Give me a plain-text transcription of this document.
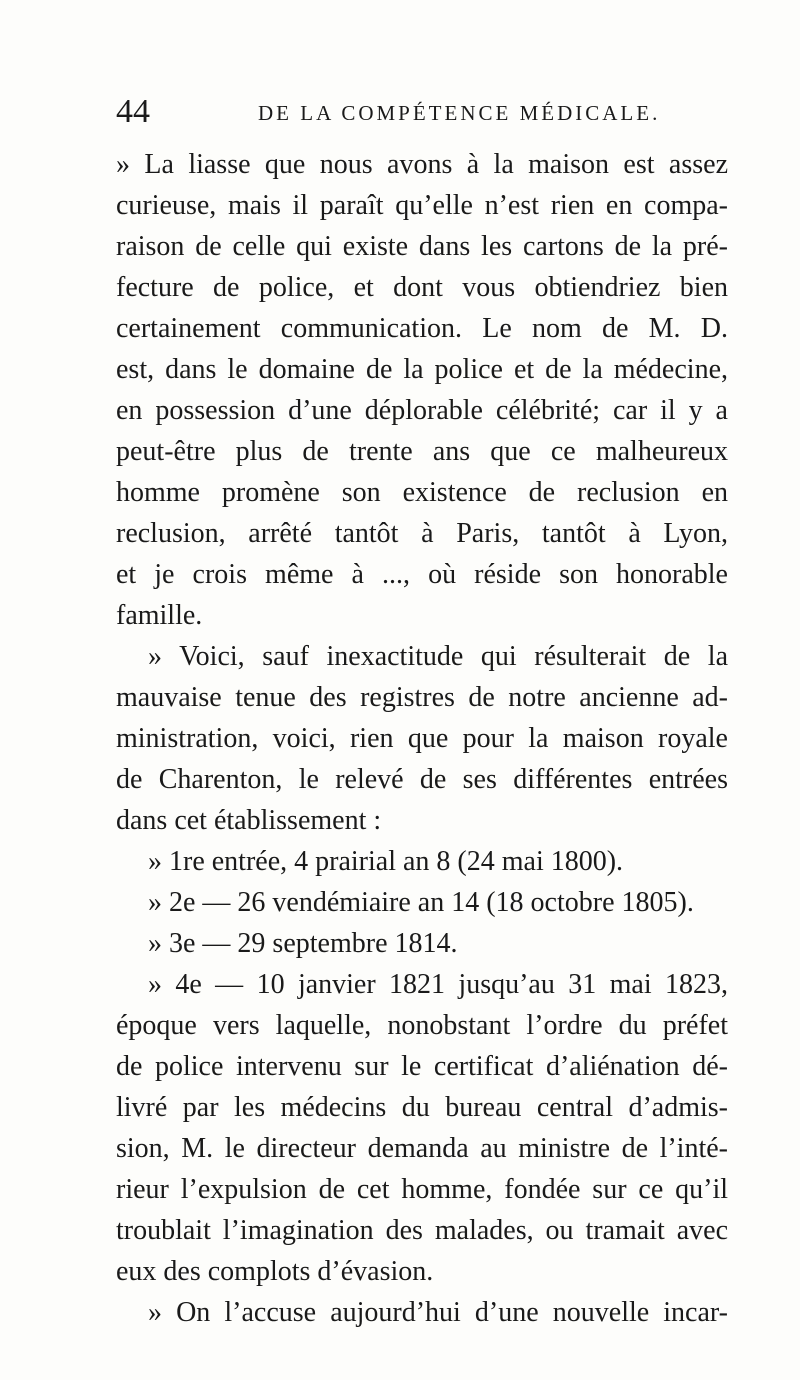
44	DE LA COMPÉTENCE MÉDICALE.
» La liasse que nous avons à la maison est assez
curieuse, mais il paraît qu’elle n’est rien en compa-
raison de celle qui existe dans les cartons de la pré-
fecture de police, et dont vous obtiendriez bien
certainement communication. Le nom de M. D.
est, dans le domaine de la police et de la médecine,
en possession d’une déplorable célébrité; car il y a
peut-être plus de trente ans que ce malheureux
homme promène son existence de reclusion en
reclusion, arrêté tantôt à Paris, tantôt à Lyon,
et je crois même à ..., où réside son honorable
famille.
» Voici, sauf inexactitude qui résulterait de la
mauvaise tenue des registres de notre ancienne ad-
ministration, voici, rien que pour la maison royale
de Charenton, le relevé de ses différentes entrées
dans cet établissement :
» 1re entrée, 4 prairial an 8 (24 mai 1800).
» 2e — 26 vendémiaire an 14 (18 octobre 1805).
» 3e — 29 septembre 1814.
» 4e — 10 janvier 1821 jusqu’au 31 mai 1823,
époque vers laquelle, nonobstant l’ordre du préfet
de police intervenu sur le certificat d’aliénation dé-
livré par les médecins du bureau central d’admis-
sion, M. le directeur demanda au ministre de l’inté-
rieur l’expulsion de cet homme, fondée sur ce qu’il
troublait l’imagination des malades, ou tramait avec
eux des complots d’évasion.
» On l’accuse aujourd’hui d’une nouvelle incar-
